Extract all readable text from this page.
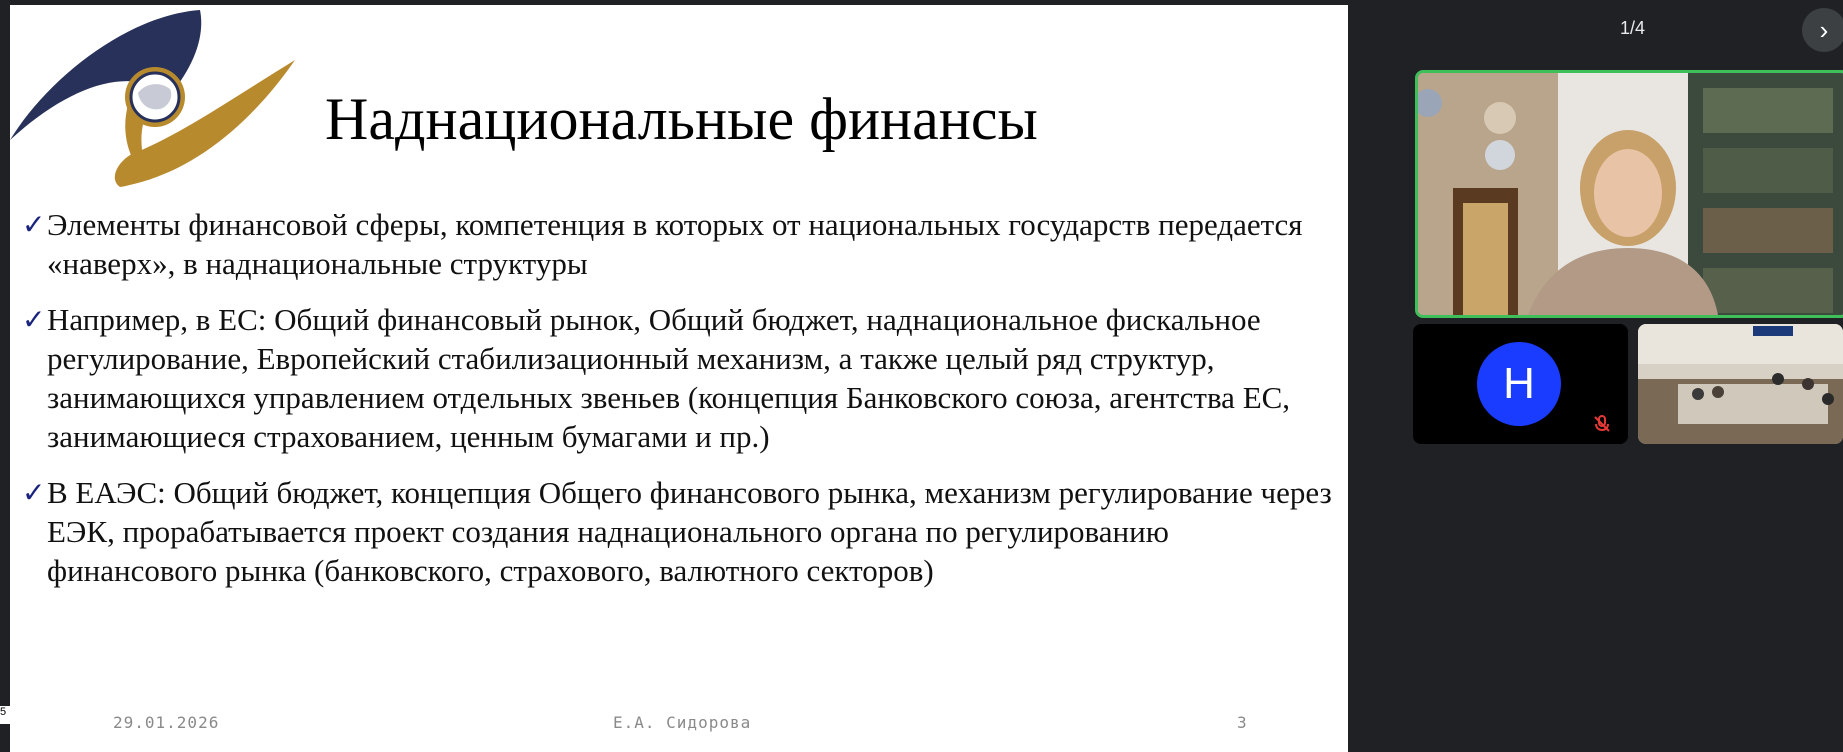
Наднациональные финансы
✓ Элементы финансовой сферы, компетенция в которых от национальных государств передается «наверх», в наднациональные структуры
✓ Например, в ЕС: Общий финансовый рынок, Общий бюджет, наднациональное фискальное регулирование, Европейский стабилизационный механизм, а также целый ряд структур, занимающихся управлением отдельных звеньев (концепция Банковского союза, агентства ЕС, занимающиеся страхованием, ценным бумагами и пр.)
✓ В ЕАЭС: Общий бюджет, концепция Общего финансового рынка, механизм регулирование через ЕЭК, прорабатывается проект создания наднационального органа по регулированию финансового рынка (банковского, страхового, валютного секторов)
29.01.2026	Е.А. Сидорова	3
5
1/4	›
H
